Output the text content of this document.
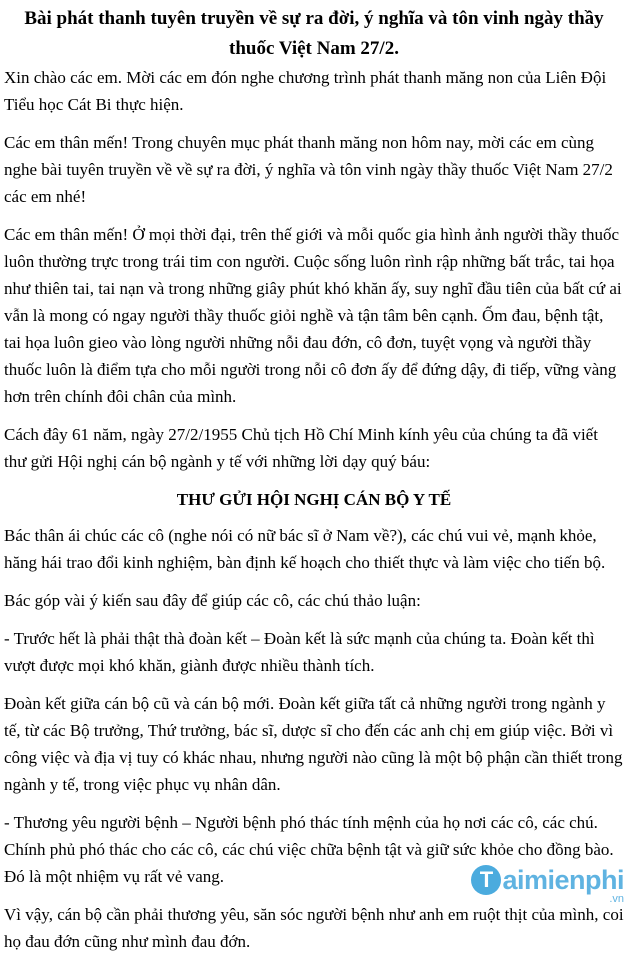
Bài phát thanh tuyên truyền về sự ra đời, ý nghĩa và tôn vinh ngày thầy thuốc Việt Nam 27/2.

Xin chào các em. Mời các em đón nghe chương trình phát thanh măng non của Liên Đội Tiểu học Cát Bi thực hiện.

Các em thân mến! Trong chuyên mục phát thanh măng non hôm nay, mời các em cùng nghe bài tuyên truyền về về sự ra đời, ý nghĩa và tôn vinh ngày thầy thuốc Việt Nam 27/2 các em nhé!

Các em thân mến! Ở mọi thời đại, trên thế giới và mỗi quốc gia hình ảnh người thầy thuốc luôn thường trực trong trái tim con người. Cuộc sống luôn rình rập những bất trắc, tai họa như thiên tai, tai nạn và trong những giây phút khó khăn ấy, suy nghĩ đầu tiên của bất cứ ai vẫn là mong có ngay người thầy thuốc giỏi nghề và tận tâm bên cạnh. Ốm đau, bệnh tật, tai họa luôn gieo vào lòng người những nỗi đau đớn, cô đơn, tuyệt vọng và người thầy thuốc luôn là điểm tựa cho mỗi người trong nỗi cô đơn ấy để đứng dậy, đi tiếp, vững vàng hơn trên chính đôi chân của mình.

Cách đây 61 năm, ngày 27/2/1955 Chủ tịch Hồ Chí Minh kính yêu của chúng ta đã viết thư gửi Hội nghị cán bộ ngành y tế với những lời dạy quý báu:

THƯ GỬI HỘI NGHỊ CÁN BỘ Y TẾ

Bác thân ái chúc các cô (nghe nói có nữ bác sĩ ở Nam về?), các chú vui vẻ, mạnh khỏe, hăng hái trao đổi kinh nghiệm, bàn định kế hoạch cho thiết thực và làm việc cho tiến bộ.

Bác góp vài ý kiến sau đây để giúp các cô, các chú thảo luận:

- Trước hết là phải thật thà đoàn kết – Đoàn kết là sức mạnh của chúng ta. Đoàn kết thì vượt được mọi khó khăn, giành được nhiều thành tích.

Đoàn kết giữa cán bộ cũ và cán bộ mới. Đoàn kết giữa tất cả những người trong ngành y tế, từ các Bộ trưởng, Thứ trưởng, bác sĩ, dược sĩ cho đến các anh chị em giúp việc. Bởi vì công việc và địa vị tuy có khác nhau, nhưng người nào cũng là một bộ phận cần thiết trong ngành y tế, trong việc phục vụ nhân dân.

- Thương yêu người bệnh – Người bệnh phó thác tính mệnh của họ nơi các cô, các chú. Chính phủ phó thác cho các cô, các chú việc chữa bệnh tật và giữ sức khỏe cho đồng bào. Đó là một nhiệm vụ rất vẻ vang.

Vì vậy, cán bộ cần phải thương yêu, săn sóc người bệnh như anh em ruột thịt của mình, coi họ đau đớn cũng như mình đau đớn.

T aimienphi
.vn
